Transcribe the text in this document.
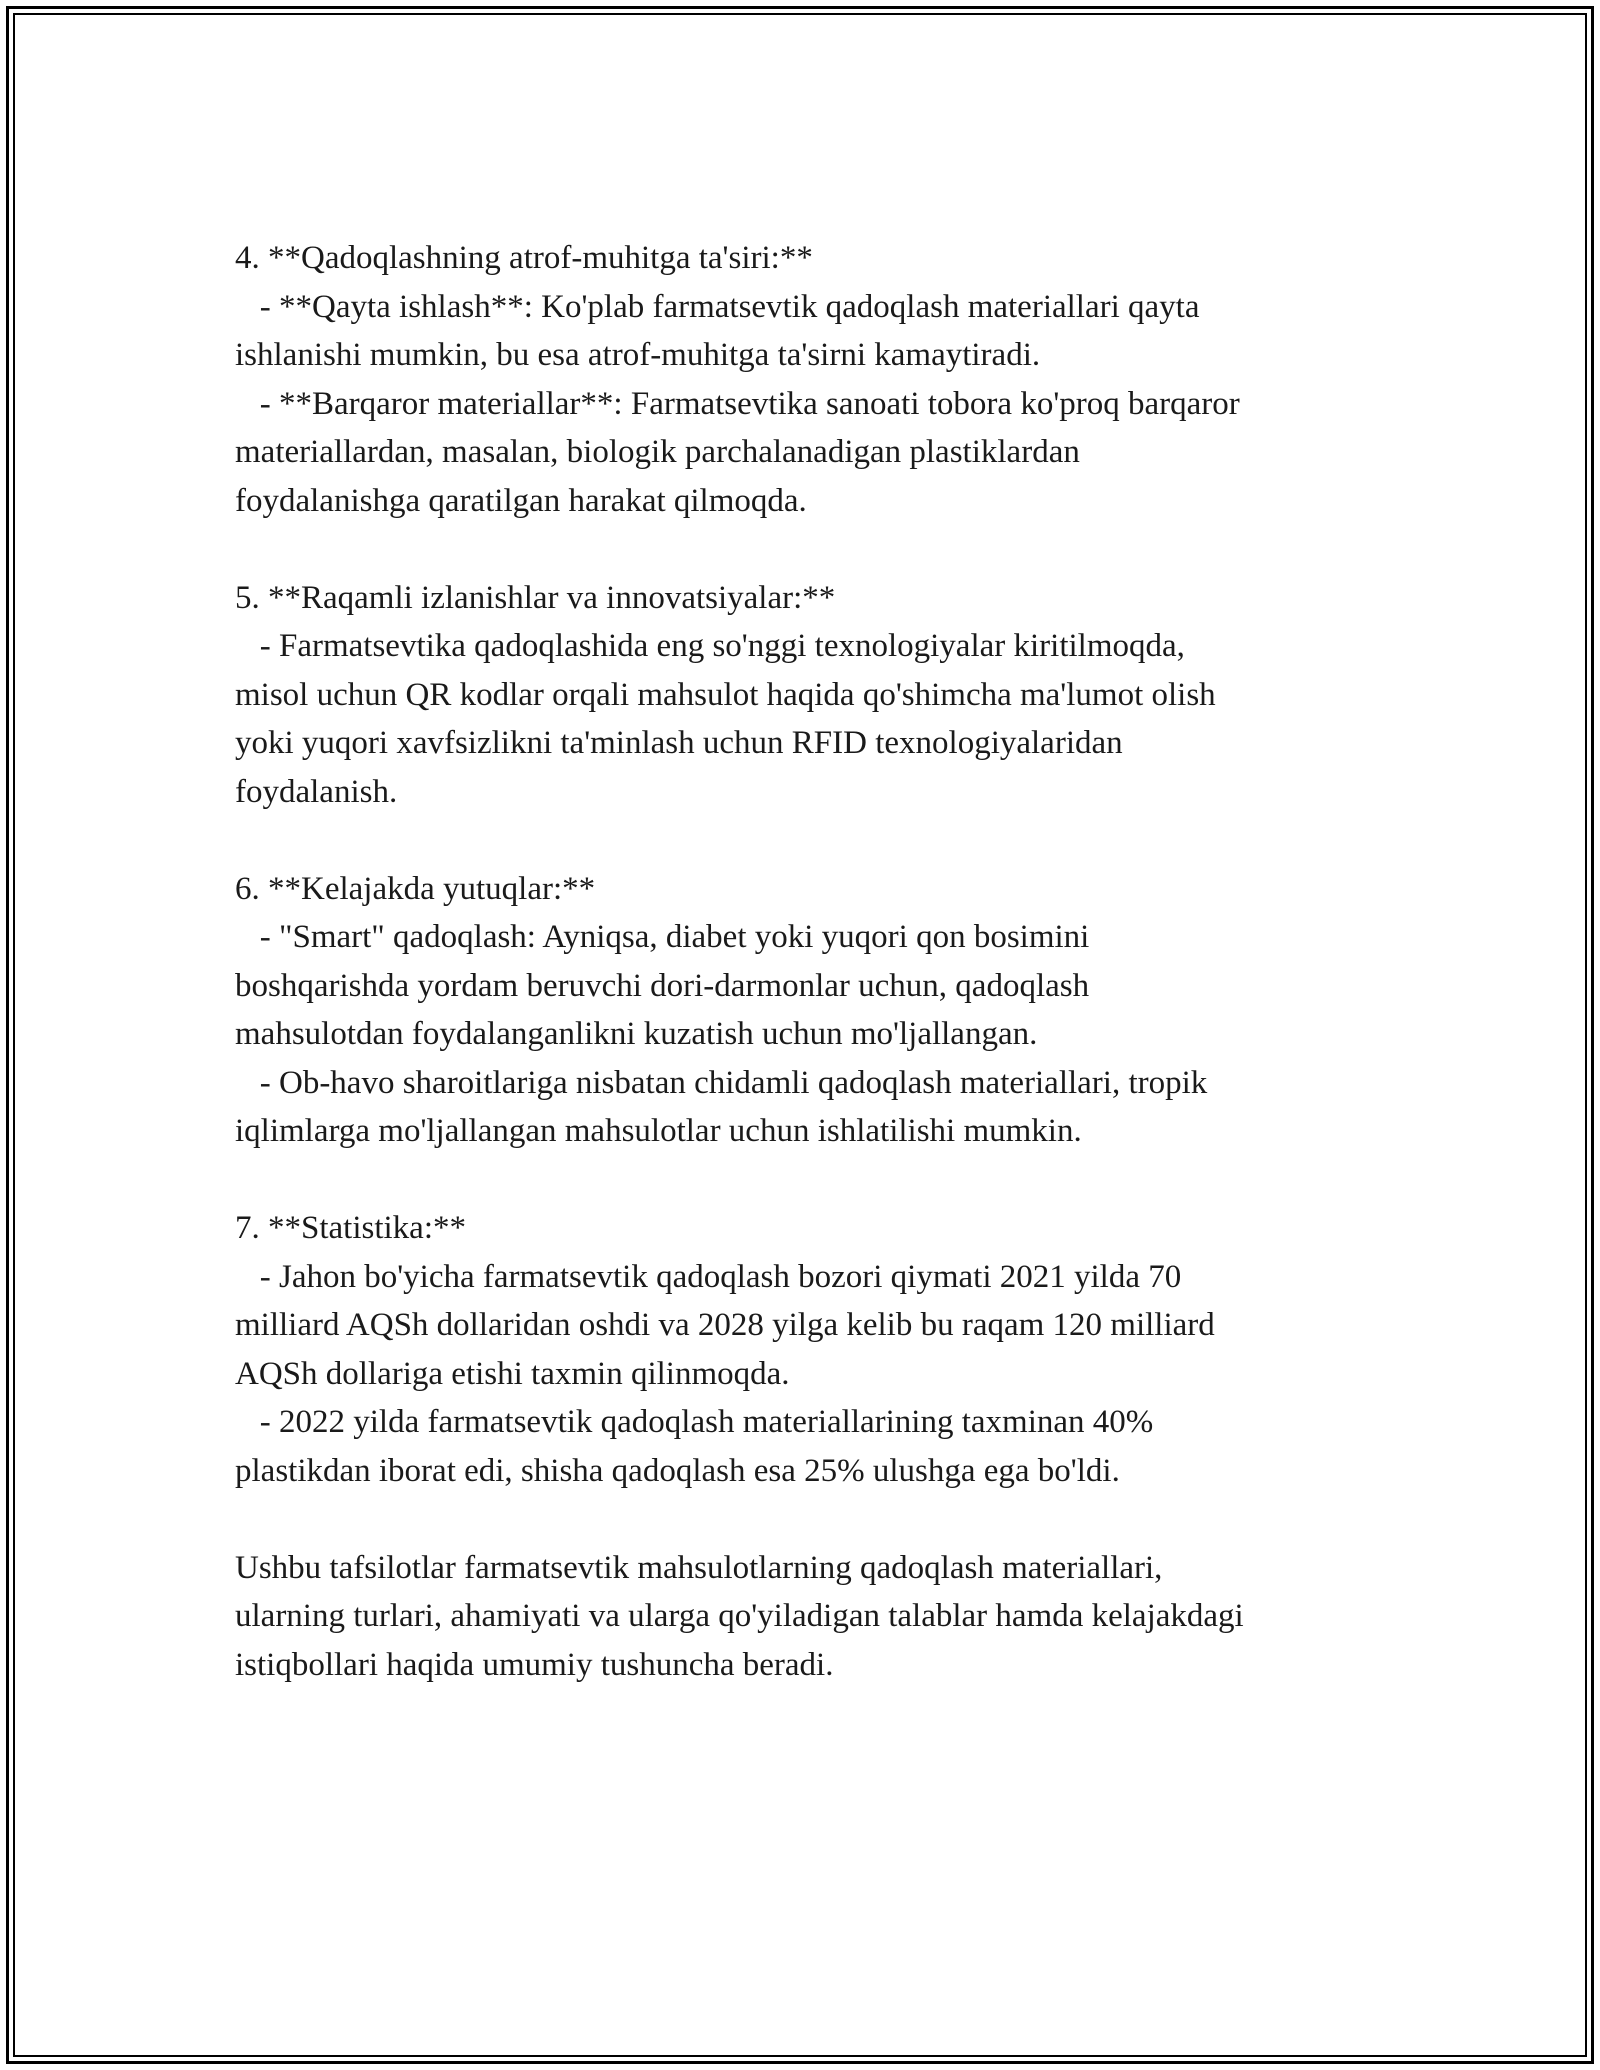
4. **Qadoqlashning atrof-muhitga ta'siri:**

- **Qayta ishlash**: Ko'plab farmatsevtik qadoqlash materiallari qayta

ishlanishi mumkin, bu esa atrof-muhitga ta'sirni kamaytiradi.

- **Barqaror materiallar**: Farmatsevtika sanoati tobora ko'proq barqaror

materiallardan, masalan, biologik parchalanadigan plastiklardan

foydalanishga qaratilgan harakat qilmoqda.

5. **Raqamli izlanishlar va innovatsiyalar:**

- Farmatsevtika qadoqlashida eng so'nggi texnologiyalar kiritilmoqda,

misol uchun QR kodlar orqali mahsulot haqida qo'shimcha ma'lumot olish

yoki yuqori xavfsizlikni ta'minlash uchun RFID texnologiyalaridan

foydalanish.

6. **Kelajakda yutuqlar:**

- "Smart" qadoqlash: Ayniqsa, diabet yoki yuqori qon bosimini

boshqarishda yordam beruvchi dori-darmonlar uchun, qadoqlash

mahsulotdan foydalanganlikni kuzatish uchun mo'ljallangan.

- Ob-havo sharoitlariga nisbatan chidamli qadoqlash materiallari, tropik

iqlimlarga mo'ljallangan mahsulotlar uchun ishlatilishi mumkin.

7. **Statistika:**

- Jahon bo'yicha farmatsevtik qadoqlash bozori qiymati 2021 yilda 70

milliard AQSh dollaridan oshdi va 2028 yilga kelib bu raqam 120 milliard

AQSh dollariga etishi taxmin qilinmoqda.

- 2022 yilda farmatsevtik qadoqlash materiallarining taxminan 40%

plastikdan iborat edi, shisha qadoqlash esa 25% ulushga ega bo'ldi.

Ushbu tafsilotlar farmatsevtik mahsulotlarning qadoqlash materiallari,

ularning turlari, ahamiyati va ularga qo'yiladigan talablar hamda kelajakdagi

istiqbollari haqida umumiy tushuncha beradi.
